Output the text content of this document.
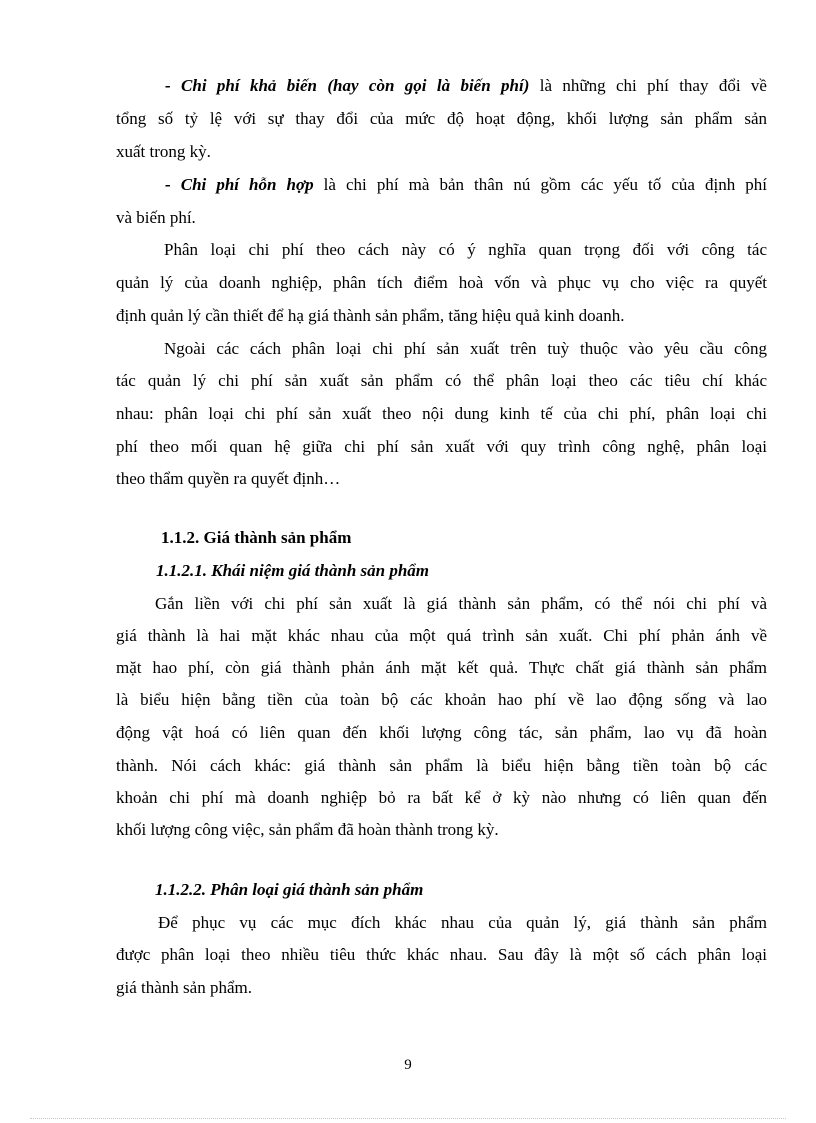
- Chi phí khả biến (hay còn gọi là biến phí) là những chi phí thay đổi về
tổng số tỷ lệ với sự thay đổi của mức độ hoạt động, khối lượng sản phẩm sản
xuất trong kỳ.
- Chi phí hỗn hợp là chi phí mà bản thân nú gồm các yếu tố của định phí
và biến phí.
Phân loại chi phí theo cách này có ý nghĩa quan trọng đối với công tác
quản lý của doanh nghiệp, phân tích điểm hoà vốn và phục vụ cho việc ra quyết
định quản lý cần thiết để hạ giá thành sản phẩm, tăng hiệu quả kinh doanh.
Ngoài các cách phân loại chi phí sản xuất trên tuỳ thuộc vào yêu cầu công
tác quản lý chi phí sản xuất sản phẩm có thể phân loại theo các tiêu chí khác
nhau: phân loại chi phí sản xuất theo nội dung kinh tế của chi phí, phân loại chi
phí theo mối quan hệ giữa chi phí sản xuất với quy trình công nghệ, phân loại
theo thẩm quyền ra quyết định…
1.1.2. Giá thành sản phẩm
1.1.2.1. Khái niệm giá thành sản phẩm
Gắn liền với chi phí sản xuất là giá thành sản phẩm, có thể nói chi phí và
giá thành là hai mặt khác nhau của một quá trình sản xuất. Chi phí phản ánh về
mặt hao phí, còn giá thành phản ánh mặt kết quả. Thực chất giá thành sản phẩm
là biểu hiện bằng tiền của toàn bộ các khoản hao phí về lao động sống và lao
động vật hoá có liên quan đến khối lượng công tác, sản phẩm, lao vụ đã hoàn
thành. Nói cách khác: giá thành sản phẩm là biểu hiện bằng tiền toàn bộ các
khoản chi phí mà doanh nghiệp bỏ ra bất kể ở kỳ nào nhưng có liên quan đến
khối lượng công việc, sản phẩm đã hoàn thành trong kỳ.
1.1.2.2. Phân loại giá thành sản phẩm
Để phục vụ các mục đích khác nhau của quản lý, giá thành sản phẩm
được phân loại theo nhiều tiêu thức khác nhau. Sau đây là một số cách phân loại
giá thành sản phẩm.
9
